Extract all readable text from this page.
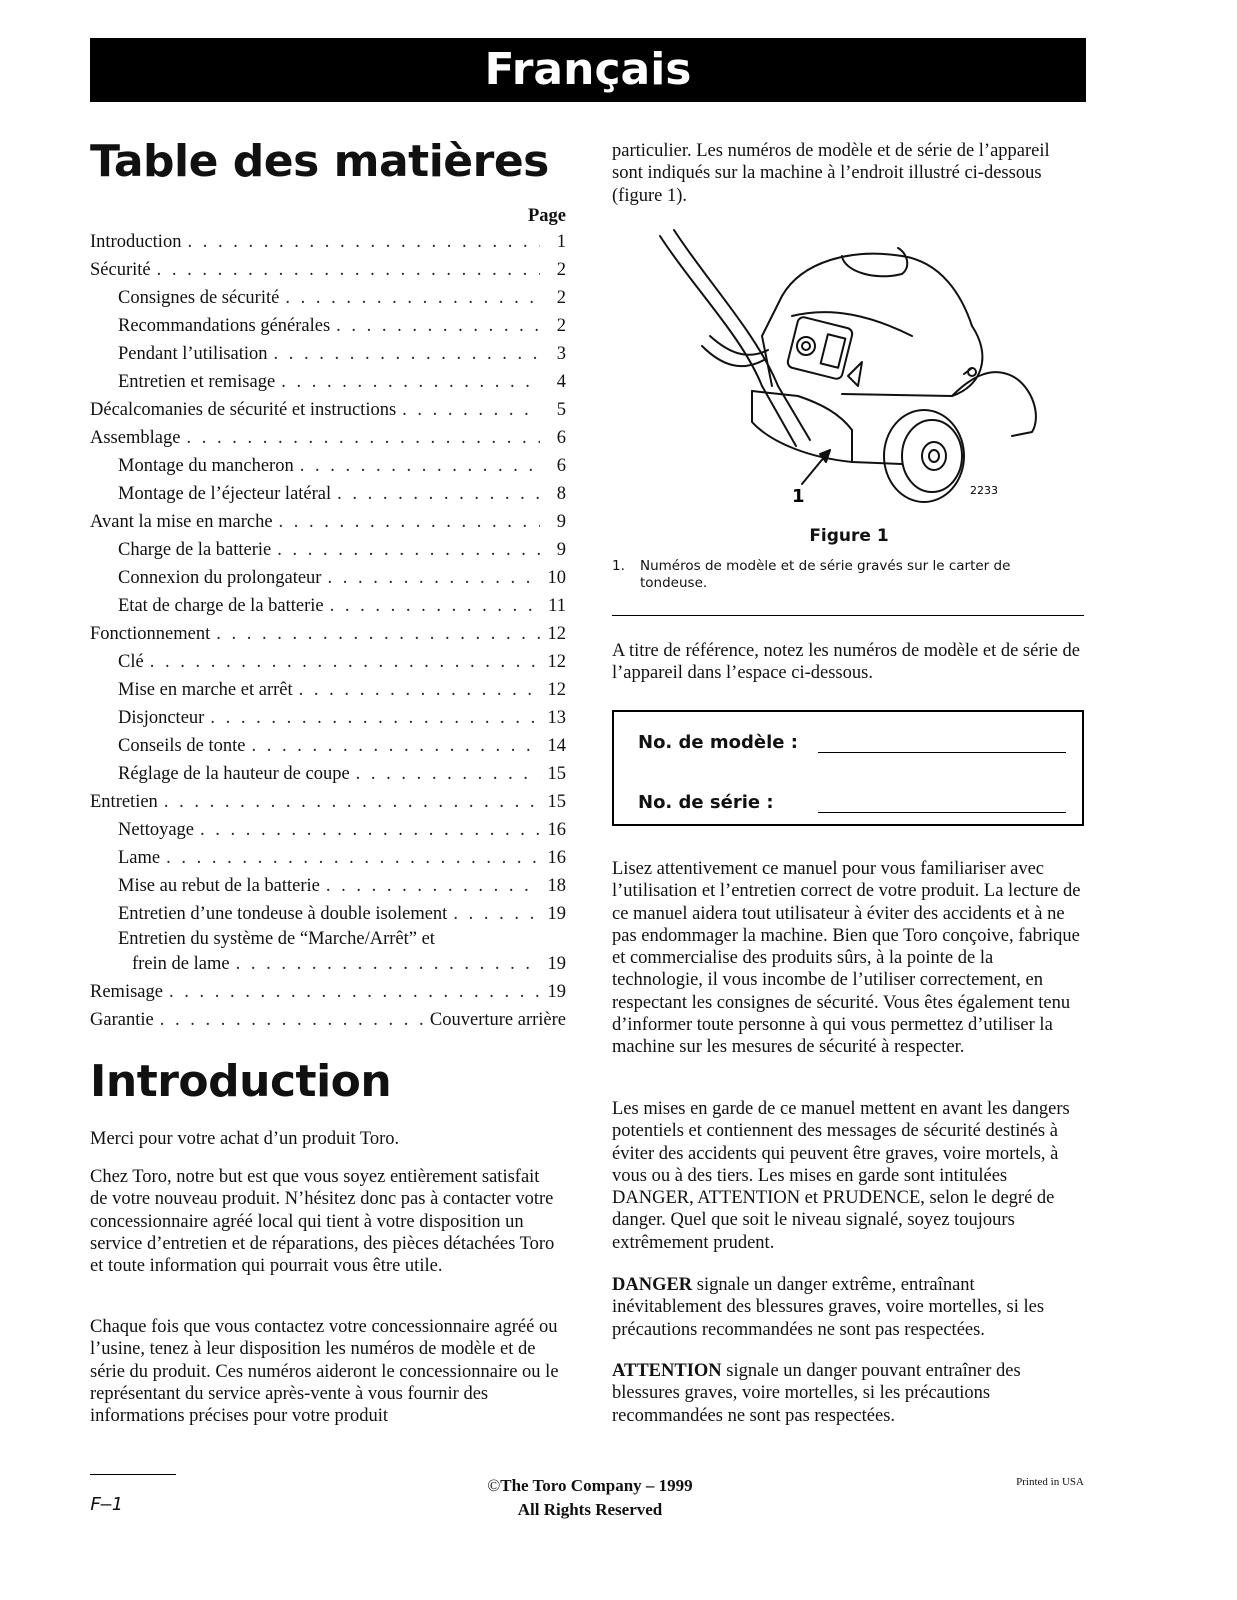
Français
Table des matières
Page
Introduction . . .	1
Sécurité . . .	2
Consignes de sécurité . . .	2
Recommandations générales . . .	2
Pendant l’utilisation . . .	3
Entretien et remisage . . .	4
Décalcomanies de sécurité et instructions . . .	5
Assemblage . . .	6
Montage du mancheron . . .	6
Montage de l’éjecteur latéral . . .	8
Avant la mise en marche . . .	9
Charge de la batterie . . .	9
Connexion du prolongateur . . .	10
Etat de charge de la batterie . . .	11
Fonctionnement . . .	12
Clé . . .	12
Mise en marche et arrêt . . .	12
Disjoncteur . . .	13
Conseils de tonte . . .	14
Réglage de la hauteur de coupe . . .	15
Entretien . . .	15
Nettoyage . . .	16
Lame . . .	16
Mise au rebut de la batterie . . .	18
Entretien d’une tondeuse à double isolement . . .	19
Entretien du système de “Marche/Arrêt” et
frein de lame . . .	19
Remisage . . .	19
Garantie . . .	Couverture arrière
Introduction

Merci pour votre achat d’un produit Toro.

Chez Toro, notre but est que vous soyez entièrement satisfait de votre nouveau produit. N’hésitez donc pas à contacter votre concessionnaire agréé local qui tient à votre disposition un service d’entretien et de réparations, des pièces détachées Toro et toute information qui pourrait vous être utile.

Chaque fois que vous contactez votre concessionnaire agréé ou l’usine, tenez à leur disposition les numéros de modèle et de série du produit. Ces numéros aideront le concessionnaire ou le représentant du service après-vente à vous fournir des informations précises pour votre produit

particulier. Les numéros de modèle et de série de l’appareil sont indiqués sur la machine à l’endroit illustré ci-dessous (figure 1).

1	2233
Figure 1
1. Numéros de modèle et de série gravés sur le carter de tondeuse.

A titre de référence, notez les numéros de modèle et de série de l’appareil dans l’espace ci-dessous.

No. de modèle :
No. de série :

Lisez attentivement ce manuel pour vous familiariser avec l’utilisation et l’entretien correct de votre produit. La lecture de ce manuel aidera tout utilisateur à éviter des accidents et à ne pas endommager la machine. Bien que Toro conçoive, fabrique et commercialise des produits sûrs, à la pointe de la technologie, il vous incombe de l’utiliser correctement, en respectant les consignes de sécurité. Vous êtes également tenu d’informer toute personne à qui vous permettez d’utiliser la machine sur les mesures de sécurité à respecter.

Les mises en garde de ce manuel mettent en avant les dangers potentiels et contiennent des messages de sécurité destinés à éviter des accidents qui peuvent être graves, voire mortels, à vous ou à des tiers. Les mises en garde sont intitulées DANGER, ATTENTION et PRUDENCE, selon le degré de danger. Quel que soit le niveau signalé, soyez toujours extrêmement prudent.

DANGER signale un danger extrême, entraînant inévitablement des blessures graves, voire mortelles, si les précautions recommandées ne sont pas respectées.

ATTENTION signale un danger pouvant entraîner des blessures graves, voire mortelles, si les précautions recommandées ne sont pas respectées.

F–1
©The Toro Company – 1999
All Rights Reserved
Printed in USA
